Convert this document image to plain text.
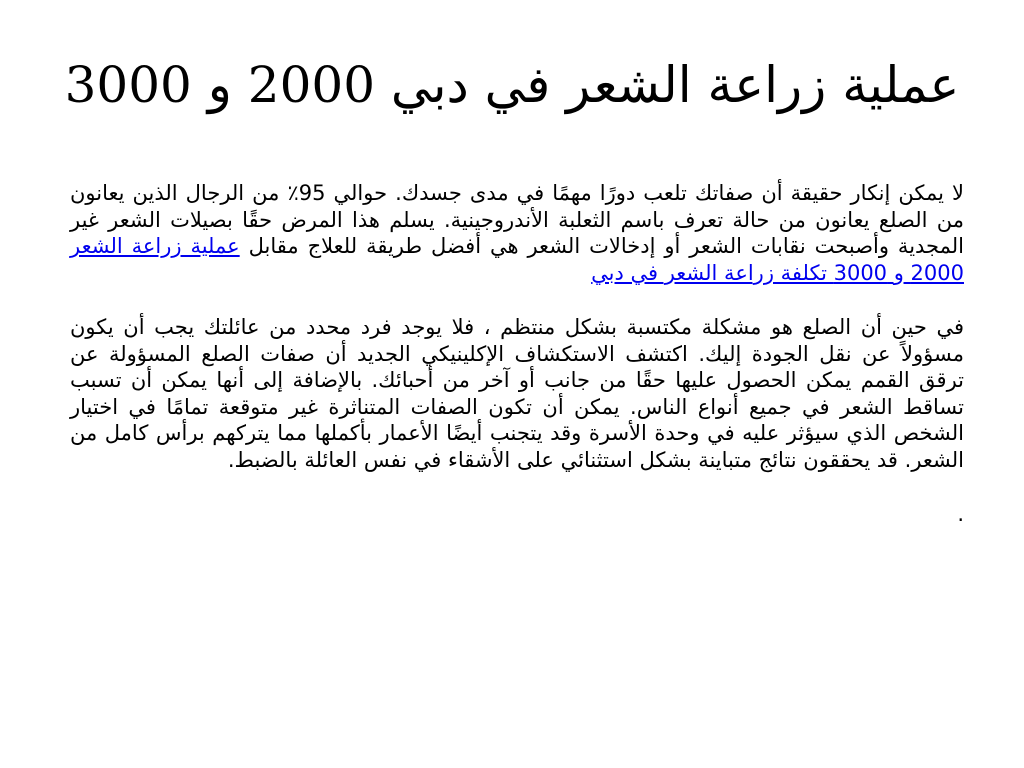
عملية زراعة الشعر في دبي 2000 و 3000

لا يمكن إنكار حقيقة أن صفاتك تلعب دورًا مهمًا في مدى جسدك. حوالي 95٪ من الرجال الذين يعانون من الصلع يعانون من حالة تعرف باسم الثعلبة الأندروجينية. يسلم هذا المرض حقًا بصيلات الشعر غير المجدية وأصبحت نقابات الشعر أو إدخالات الشعر هي أفضل طريقة للعلاج مقابل عملية زراعة الشعر 2000 و 3000 تكلفة زراعة الشعر في دبي

في حين أن الصلع هو مشكلة مكتسبة بشكل منتظم ، فلا يوجد فرد محدد من عائلتك يجب أن يكون مسؤولاً عن نقل الجودة إليك. اكتشف الاستكشاف الإكلينيكي الجديد أن صفات الصلع المسؤولة عن ترقق القمم يمكن الحصول عليها حقًا من جانب أو آخر من أحبائك. بالإضافة إلى أنها يمكن أن تسبب تساقط الشعر في جميع أنواع الناس. يمكن أن تكون الصفات المتناثرة غير متوقعة تمامًا في اختيار الشخص الذي سيؤثر عليه في وحدة الأسرة وقد يتجنب أيضًا الأعمار بأكملها مما يتركهم برأس كامل من الشعر. قد يحققون نتائج متباينة بشكل استثنائي على الأشقاء في نفس العائلة بالضبط.

.
